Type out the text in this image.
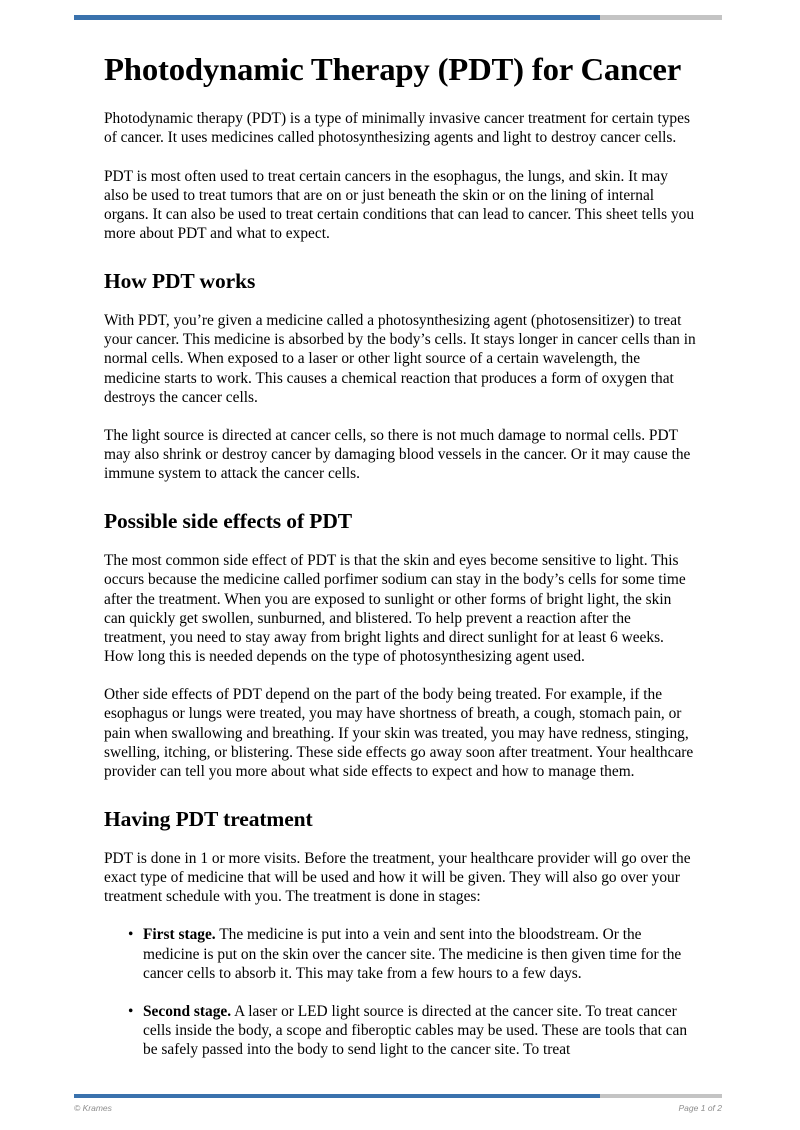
Photodynamic Therapy (PDT) for Cancer

Photodynamic therapy (PDT) is a type of minimally invasive cancer treatment for certain types of cancer. It uses medicines called photosynthesizing agents and light to destroy cancer cells.

PDT is most often used to treat certain cancers in the esophagus, the lungs, and skin. It may also be used to treat tumors that are on or just beneath the skin or on the lining of internal organs. It can also be used to treat certain conditions that can lead to cancer. This sheet tells you more about PDT and what to expect.

How PDT works

With PDT, you’re given a medicine called a photosynthesizing agent (photosensitizer) to treat your cancer. This medicine is absorbed by the body’s cells. It stays longer in cancer cells than in normal cells. When exposed to a laser or other light source of a certain wavelength, the medicine starts to work. This causes a chemical reaction that produces a form of oxygen that destroys the cancer cells.

The light source is directed at cancer cells, so there is not much damage to normal cells. PDT may also shrink or destroy cancer by damaging blood vessels in the cancer. Or it may cause the immune system to attack the cancer cells.

Possible side effects of PDT

The most common side effect of PDT is that the skin and eyes become sensitive to light. This occurs because the medicine called porfimer sodium can stay in the body’s cells for some time after the treatment. When you are exposed to sunlight or other forms of bright light, the skin can quickly get swollen, sunburned, and blistered. To help prevent a reaction after the treatment, you need to stay away from bright lights and direct sunlight for at least 6 weeks. How long this is needed depends on the type of photosynthesizing agent used.

Other side effects of PDT depend on the part of the body being treated. For example, if the esophagus or lungs were treated, you may have shortness of breath, a cough, stomach pain, or pain when swallowing and breathing. If your skin was treated, you may have redness, stinging, swelling, itching, or blistering. These side effects go away soon after treatment. Your healthcare provider can tell you more about what side effects to expect and how to manage them.

Having PDT treatment

PDT is done in 1 or more visits. Before the treatment, your healthcare provider will go over the exact type of medicine that will be used and how it will be given. They will also go over your treatment schedule with you. The treatment is done in stages:

• First stage. The medicine is put into a vein and sent into the bloodstream. Or the medicine is put on the skin over the cancer site. The medicine is then given time for the cancer cells to absorb it. This may take from a few hours to a few days.
• Second stage. A laser or LED light source is directed at the cancer site. To treat cancer cells inside the body, a scope and fiberoptic cables may be used. These are tools that can be safely passed into the body to send light to the cancer site. To treat
© Krames	Page 1 of 2
